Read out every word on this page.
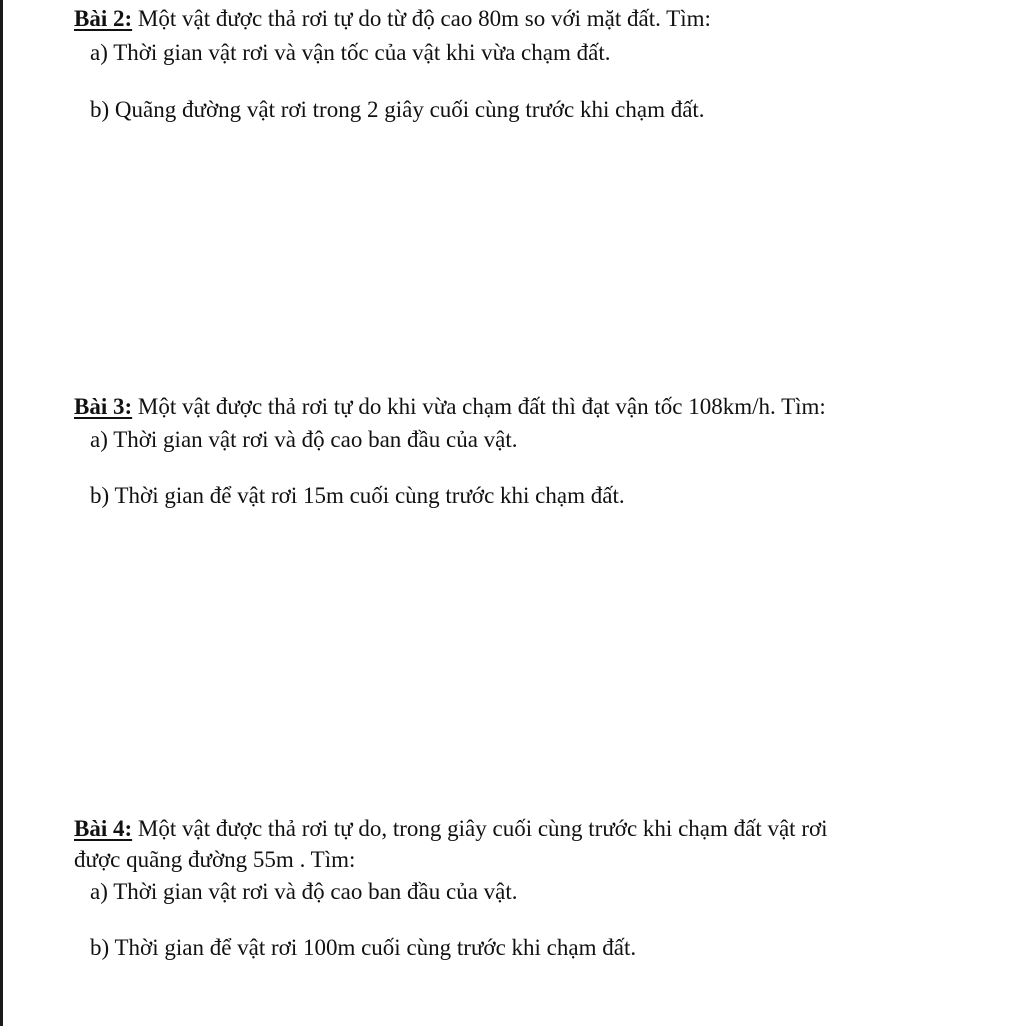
Bài 2: Một vật được thả rơi tự do từ độ cao 80m so với mặt đất. Tìm:
a) Thời gian vật rơi và vận tốc của vật khi vừa chạm đất.
b) Quãng đường vật rơi trong 2 giây cuối cùng trước khi chạm đất.
Bài 3: Một vật được thả rơi tự do khi vừa chạm đất thì đạt vận tốc 108km/h. Tìm:
a) Thời gian vật rơi và độ cao ban đầu của vật.
b) Thời gian để vật rơi 15m cuối cùng trước khi chạm đất.
Bài 4: Một vật được thả rơi tự do, trong giây cuối cùng trước khi chạm đất vật rơi
được quãng đường 55m . Tìm:
a) Thời gian vật rơi và độ cao ban đầu của vật.
b) Thời gian để vật rơi 100m cuối cùng trước khi chạm đất.
